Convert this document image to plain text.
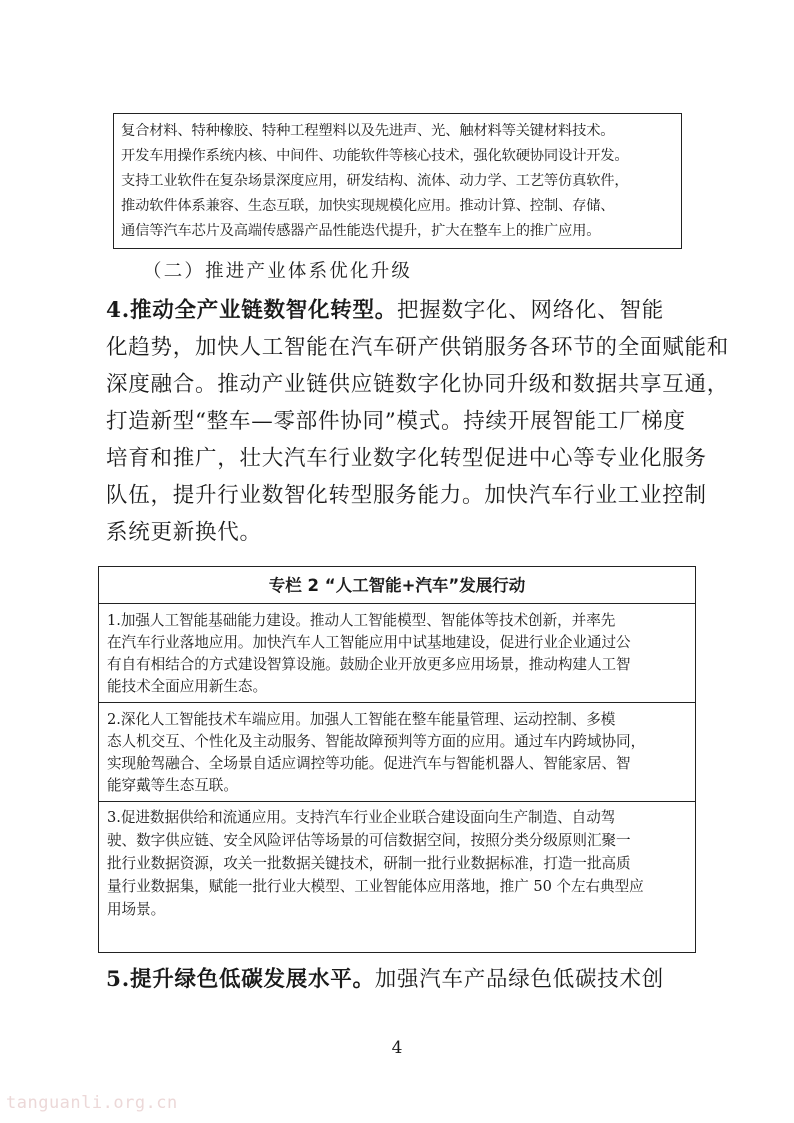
复合材料、特种橡胶、特种工程塑料以及先进声、光、触材料等关键材料技术。
开发车用操作系统内核、中间件、功能软件等核心技术，强化软硬协同设计开发。
支持工业软件在复杂场景深度应用，研发结构、流体、动力学、工艺等仿真软件，
推动软件体系兼容、生态互联，加快实现规模化应用。推动计算、控制、存储、
通信等汽车芯片及高端传感器产品性能迭代提升，扩大在整车上的推广应用。
（二）推进产业体系优化升级
4.推动全产业链数智化转型。把握数字化、网络化、智能
化趋势，加快人工智能在汽车研产供销服务各环节的全面赋能和
深度融合。推动产业链供应链数字化协同升级和数据共享互通，
打造新型“整车—零部件协同”模式。持续开展智能工厂梯度
培育和推广，壮大汽车行业数字化转型促进中心等专业化服务
队伍，提升行业数智化转型服务能力。加快汽车行业工业控制
系统更新换代。
专栏 2 “人工智能+汽车”发展行动
1.加强人工智能基础能力建设。推动人工智能模型、智能体等技术创新，并率先
在汽车行业落地应用。加快汽车人工智能应用中试基地建设，促进行业企业通过公
有自有相结合的方式建设智算设施。鼓励企业开放更多应用场景，推动构建人工智
能技术全面应用新生态。
2.深化人工智能技术车端应用。加强人工智能在整车能量管理、运动控制、多模
态人机交互、个性化及主动服务、智能故障预判等方面的应用。通过车内跨域协同，
实现舱驾融合、全场景自适应调控等功能。促进汽车与智能机器人、智能家居、智
能穿戴等生态互联。
3.促进数据供给和流通应用。支持汽车行业企业联合建设面向生产制造、自动驾
驶、数字供应链、安全风险评估等场景的可信数据空间，按照分类分级原则汇聚一
批行业数据资源，攻关一批数据关键技术，研制一批行业数据标准，打造一批高质
量行业数据集，赋能一批行业大模型、工业智能体应用落地，推广 50 个左右典型应
用场景。
5.提升绿色低碳发展水平。加强汽车产品绿色低碳技术创
4
tanguanli.org.cn
